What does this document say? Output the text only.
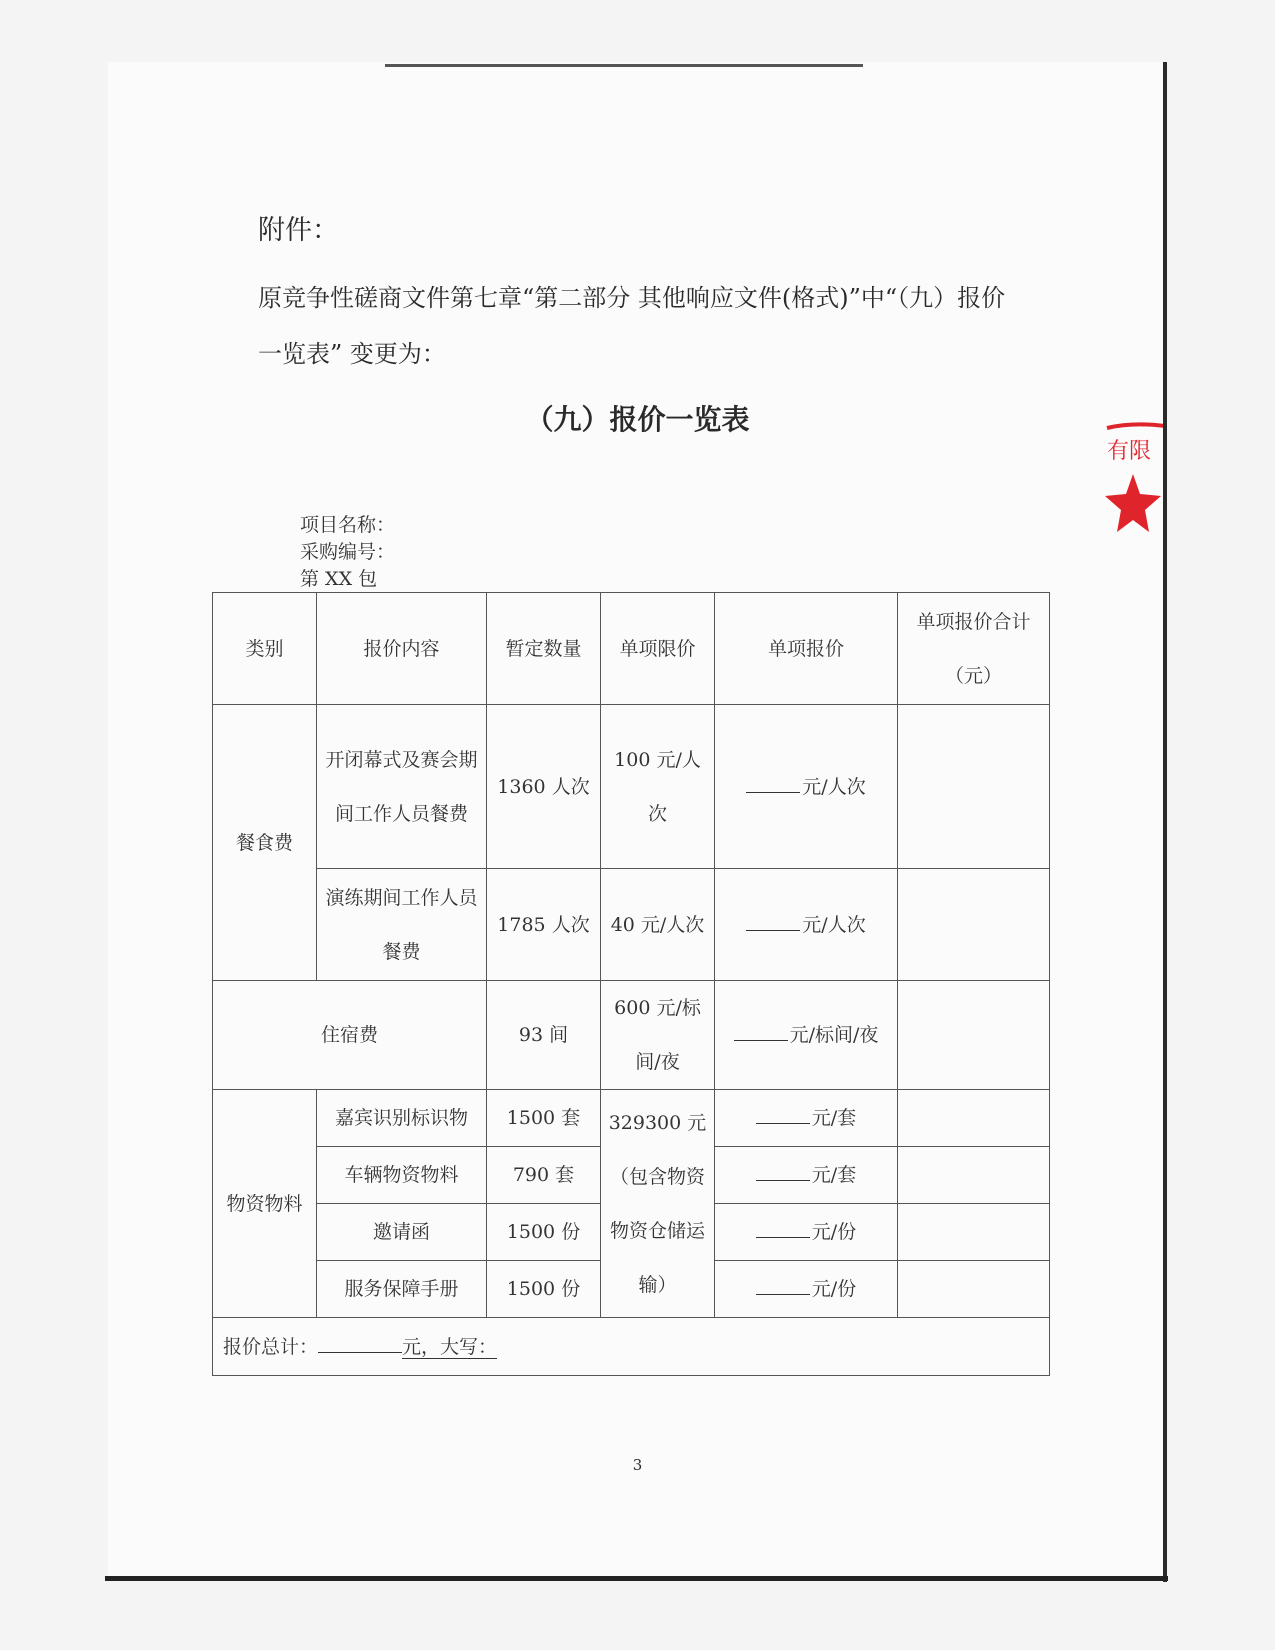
附件：
原竞争性磋商文件第七章“第二部分 其他响应文件(格式)”中“（九）报价一览表” 变更为：
（九）报价一览表
项目名称：
采购编号：
第 XX 包
类别	报价内容	暂定数量	单项限价	单项报价	单项报价合计（元）
餐食费	开闭幕式及赛会期间工作人员餐费	1360 人次	100 元/人次	元/人次	
	演练期间工作人员餐费	1785 人次	40 元/人次	元/人次	
住宿费		93 间	600 元/标间/夜	元/标间/夜	
物资物料	嘉宾识别标识物	1500 套	329300 元（包含物资物资仓储运输）	元/套	
	车辆物资物料	790 套		元/套	
	邀请函	1500 份		元/份	
	服务保障手册	1500 份		元/份	
报价总计： 元，大写：					
3
有限
